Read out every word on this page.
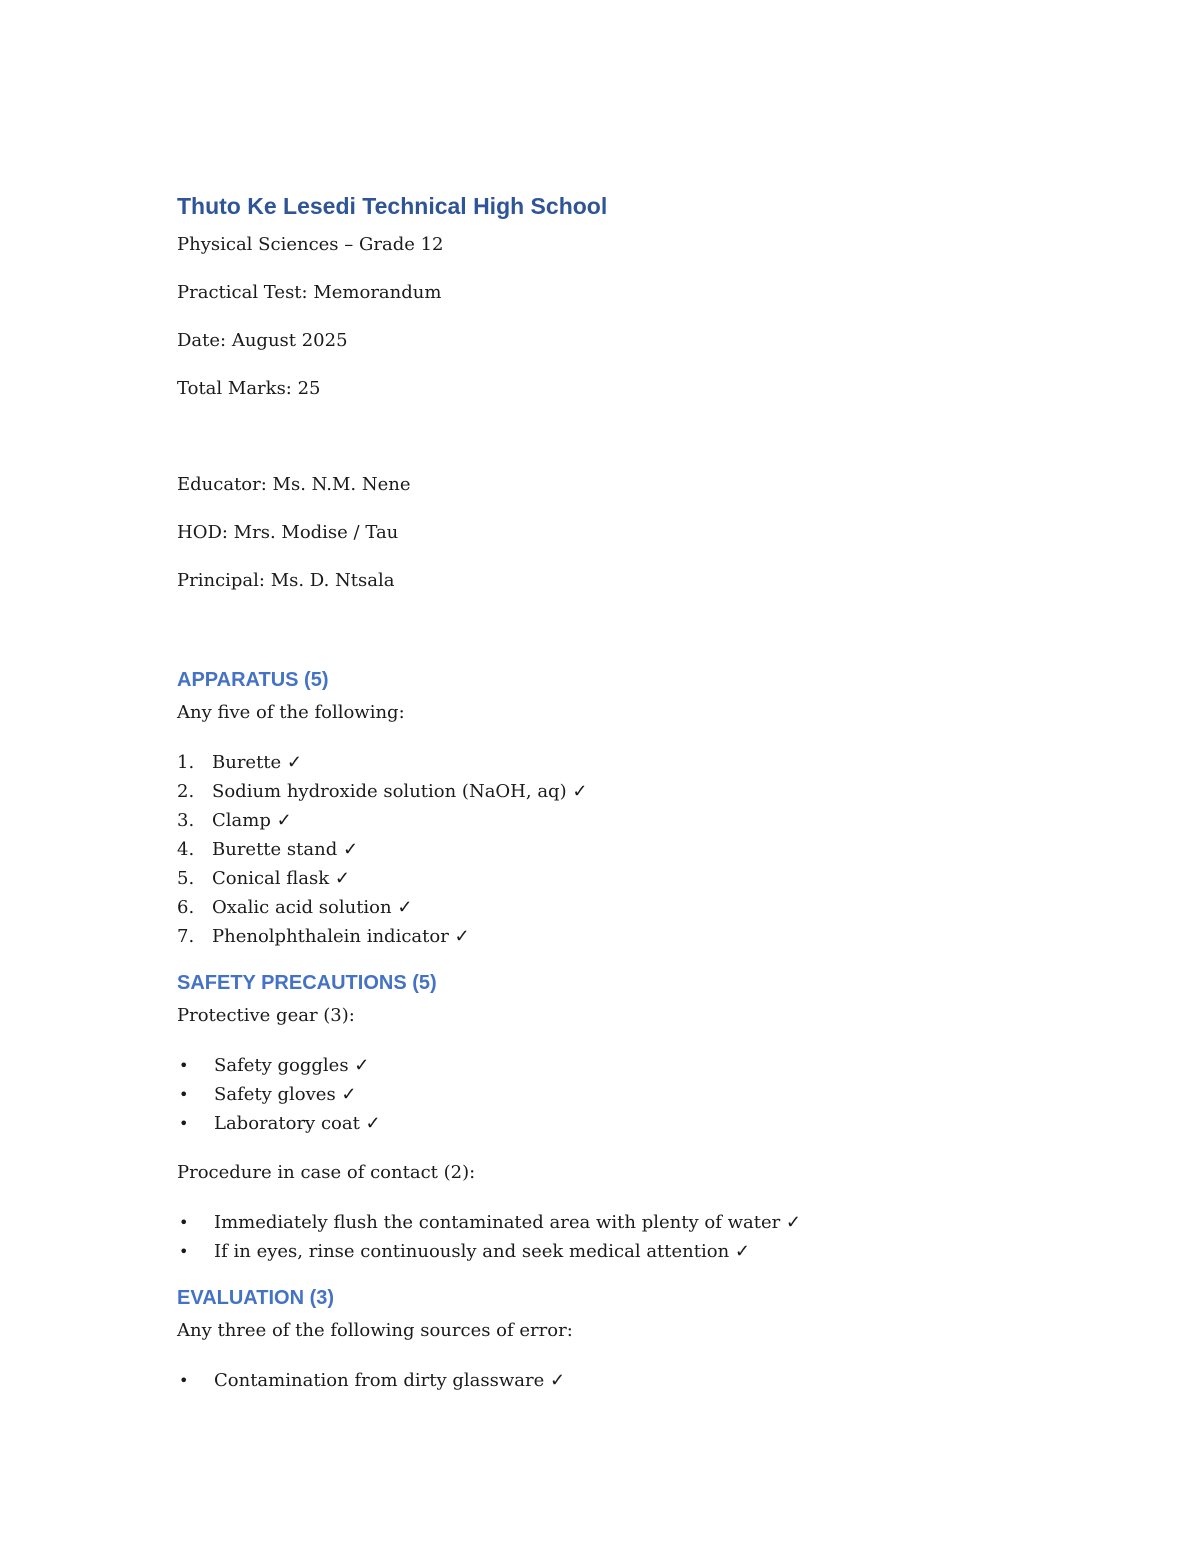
Thuto Ke Lesedi Technical High School

Physical Sciences – Grade 12

Practical Test: Memorandum

Date: August 2025

Total Marks: 25

Educator: Ms. N.M. Nene

HOD: Mrs. Modise / Tau

Principal: Ms. D. Ntsala

APPARATUS (5)

Any five of the following:

1. Burette ✓
2. Sodium hydroxide solution (NaOH, aq) ✓
3. Clamp ✓
4. Burette stand ✓
5. Conical flask ✓
6. Oxalic acid solution ✓
7. Phenolphthalein indicator ✓
SAFETY PRECAUTIONS (5)

Protective gear (3):

•	Safety goggles ✓
•	Safety gloves ✓
•	Laboratory coat ✓

Procedure in case of contact (2):

•	Immediately flush the contaminated area with plenty of water ✓
•	If in eyes, rinse continuously and seek medical attention ✓
EVALUATION (3)

Any three of the following sources of error:

•	Contamination from dirty glassware ✓
